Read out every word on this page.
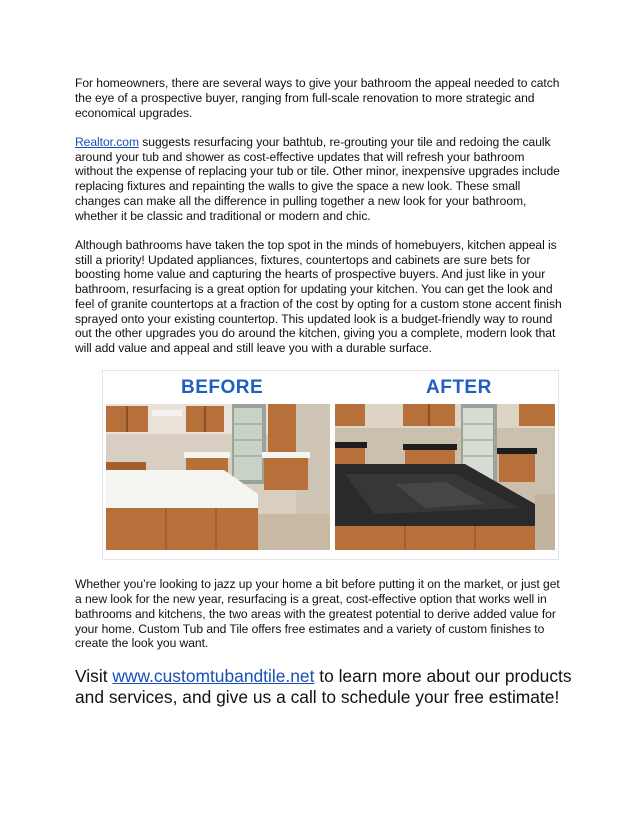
For homeowners, there are several ways to give your bathroom the appeal needed to catch the eye of a prospective buyer, ranging from full-scale renovation to more strategic and economical upgrades.

Realtor.com suggests resurfacing your bathtub, re-grouting your tile and redoing the caulk around your tub and shower as cost-effective updates that will refresh your bathroom without the expense of replacing your tub or tile. Other minor, inexpensive upgrades include replacing fixtures and repainting the walls to give the space a new look. These small changes can make all the difference in pulling together a new look for your bathroom, whether it be classic and traditional or modern and chic.

Although bathrooms have taken the top spot in the minds of homebuyers, kitchen appeal is still a priority! Updated appliances, fixtures, countertops and cabinets are sure bets for boosting home value and capturing the hearts of prospective buyers. And just like in your bathroom, resurfacing is a great option for updating your kitchen. You can get the look and feel of granite countertops at a fraction of the cost by opting for a custom stone accent finish sprayed onto your existing countertop. This updated look is a budget-friendly way to round out the other upgrades you do around the kitchen, giving you a complete, modern look that will add value and appeal and still leave you with a durable surface.

BEFORE	AFTER

Whether you’re looking to jazz up your home a bit before putting it on the market, or just get a new look for the new year, resurfacing is a great, cost-effective option that works well in bathrooms and kitchens, the two areas with the greatest potential to derive added value for your home. Custom Tub and Tile offers free estimates and a variety of custom finishes to create the look you want.

Visit www.customtubandtile.net to learn more about our products and services, and give us a call to schedule your free estimate!
